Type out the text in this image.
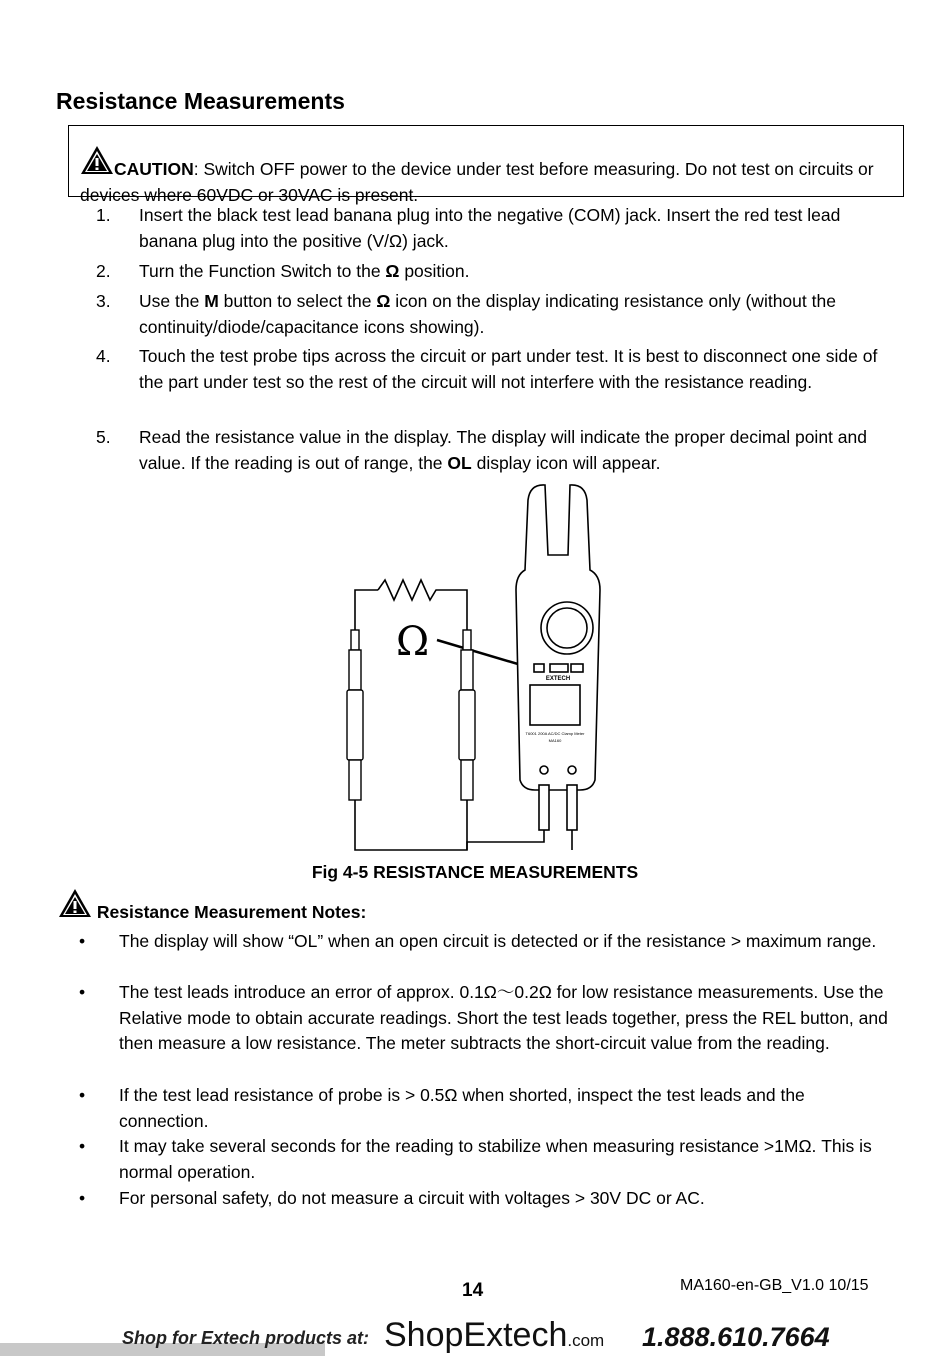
Resistance Measurements
CAUTION: Switch OFF power to the device under test before measuring. Do not test on circuits or devices where 60VDC or 30VAC is present.
1. Insert the black test lead banana plug into the negative (COM) jack. Insert the red test lead banana plug into the positive (V/Ω) jack.
2. Turn the Function Switch to the Ω position.
3. Use the M button to select the Ω icon on the display indicating resistance only (without the continuity/diode/capacitance icons showing).
4. Touch the test probe tips across the circuit or part under test. It is best to disconnect one side of the part under test so the rest of the circuit will not interfere with the resistance reading.
5. Read the resistance value in the display. The display will indicate the proper decimal point and value. If the reading is out of range, the OL display icon will appear.
Ω
EXTECH
T6001 200A AC/DC Clamp Meter
MA160
Fig 4-5 RESISTANCE MEASUREMENTS
Resistance Measurement Notes:
• The display will show “OL” when an open circuit is detected or if the resistance > maximum range.
• The test leads introduce an error of approx. 0.1Ω～0.2Ω for low resistance measurements. Use the Relative mode to obtain accurate readings. Short the test leads together, press the REL button, and then measure a low resistance. The meter subtracts the short-circuit value from the reading.
• If the test lead resistance of probe is > 0.5Ω when shorted, inspect the test leads and the connection.
• It may take several seconds for the reading to stabilize when measuring resistance >1MΩ. This is normal operation.
• For personal safety, do not measure a circuit with voltages > 30V DC or AC.
14	MA160-en-GB_V1.0 10/15
Shop for Extech products at: ShopExtech.com 1.888.610.7664
